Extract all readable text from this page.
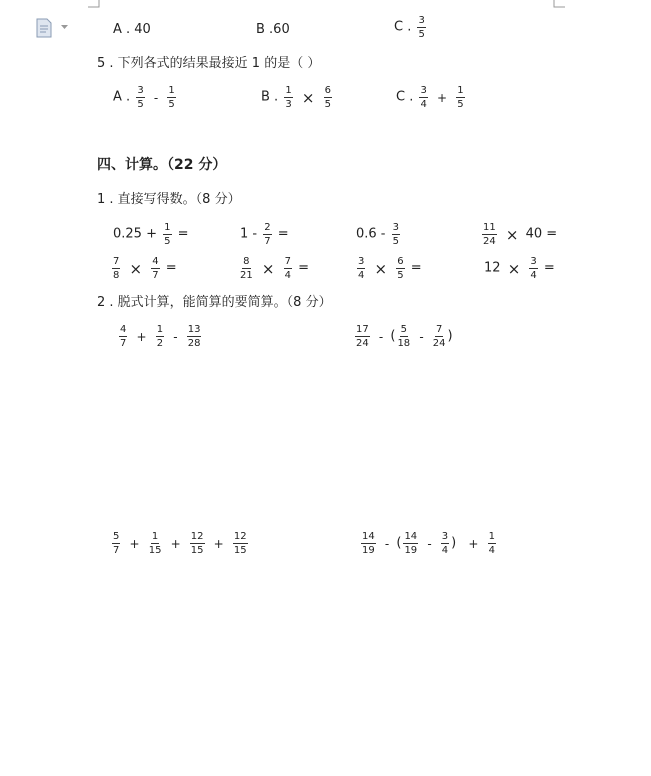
A . 40	B .60	C . $\frac{3}{5}$
5 . 下列各式的结果最接近 1 的是（ ）
A . $\frac{3}{5} - \frac{1}{5}$	B . $\frac{1}{3} \times \frac{6}{5}$	C . $\frac{3}{4} + \frac{1}{5}$
四、计算。（22 分）
1 . 直接写得数。（8 分）
$0.25 + \frac{1}{5}$ =	$1 - \frac{2}{7}$ =	$0.6 - \frac{3}{5}$	$\frac{11}{24} \times 40$ =
$\frac{7}{8} \times \frac{4}{7}$ =	$\frac{8}{21} \times \frac{7}{4}$ =	$\frac{3}{4} \times \frac{6}{5}$ =	$12 \times \frac{3}{4}$ =
2 . 脱式计算，能简算的要简算。（8 分）
$\frac{4}{7} + \frac{1}{2} - \frac{13}{28}$	$\frac{17}{24}$ - ( $\frac{5}{18} - \frac{7}{24}$ )
$\frac{5}{7} + \frac{1}{15} + \frac{12}{15} + \frac{12}{15}$	$\frac{14}{19}$ - ( $\frac{14}{19} - \frac{3}{4}$ ) + $\frac{1}{4}$
